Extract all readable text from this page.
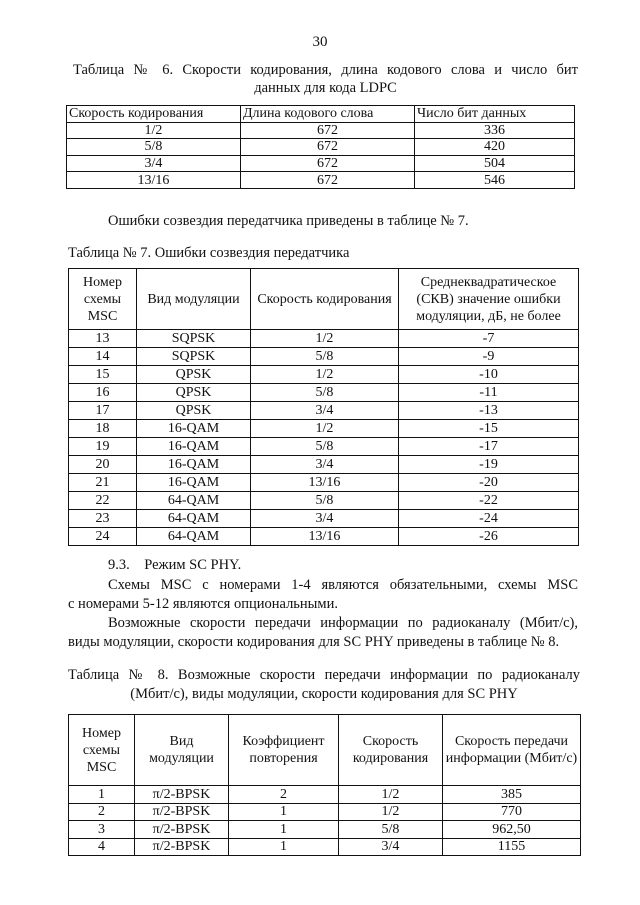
30
Таблица № 6. Скорости кодирования, длина кодового слова и число бит
данных для кода LDPC
Скорость кодирования	Длина кодового слова	Число бит данных
1/2	672	336
5/8	672	420
3/4	672	504
13/16	672	546
Ошибки созвездия передатчика приведены в таблице № 7.
Таблица № 7. Ошибки созвездия передатчика
Номер схемы MSC	Вид модуляции	Скорость кодирования	Среднеквадратическое (СКВ) значение ошибки модуляции, дБ, не более
13	SQPSK	1/2	-7
14	SQPSK	5/8	-9
15	QPSK	1/2	-10
16	QPSK	5/8	-11
17	QPSK	3/4	-13
18	16-QAM	1/2	-15
19	16-QAM	5/8	-17
20	16-QAM	3/4	-19
21	16-QAM	13/16	-20
22	64-QAM	5/8	-22
23	64-QAM	3/4	-24
24	64-QAM	13/16	-26
9.3.    Режим SC PHY.
Схемы MSC с номерами 1-4 являются обязательными, схемы MSC
с номерами 5-12 являются опциональными.
Возможные скорости передачи информации по радиоканалу (Мбит/с),
виды модуляции, скорости кодирования для SC PHY приведены в таблице № 8.
Таблица № 8. Возможные скорости передачи информации по радиоканалу
(Мбит/с), виды модуляции, скорости кодирования для SC PHY
Номер схемы MSC	Вид модуляции	Коэффициент повторения	Скорость кодирования	Скорость передачи информации (Мбит/с)
1	π/2-BPSK	2	1/2	385
2	π/2-BPSK	1	1/2	770
3	π/2-BPSK	1	5/8	962,50
4	π/2-BPSK	1	3/4	1155
